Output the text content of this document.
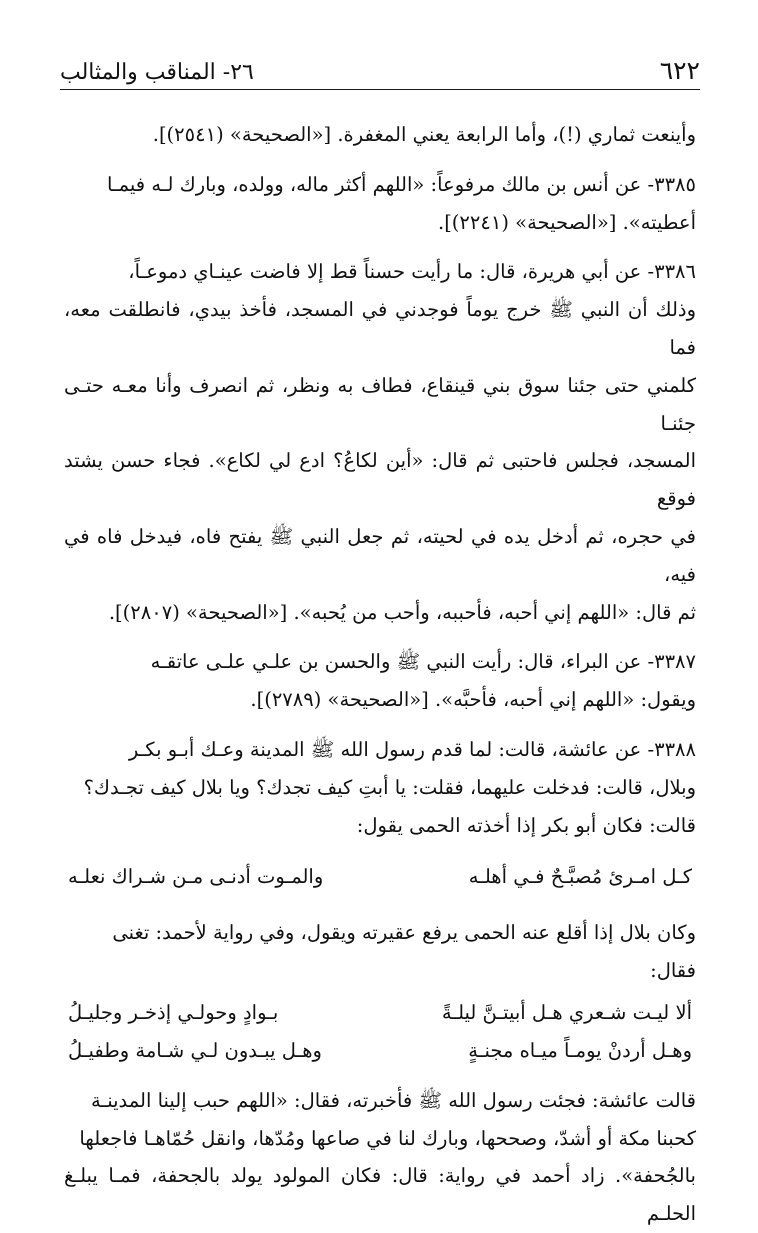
٦٢٢
٢٦- المناقب والمثالب

وأينعت ثماري (!)، وأما الرابعة يعني المغفرة. [«الصحيحة» (٢٥٤١)].

٣٣٨٥- عن أنس بن مالك مرفوعاً: «اللهم أكثر ماله، وولده، وبارك لـه فيمـا
أعطيته». [«الصحيحة» (٢٢٤١)].

٣٣٨٦- عن أبي هريرة، قال: ما رأيت حسناً قط إلا فاضت عينـاي دموعـاً،
وذلك أن النبي ﷺ خرج يوماً فوجدني في المسجد، فأخذ بيدي، فانطلقت معه، فما
كلمني حتى جئنا سوق بني قينقاع، فطاف به ونظر، ثم انصرف وأنا معـه حتـى جئنـا
المسجد، فجلس فاحتبى ثم قال: «أين لكاعُ؟ ادع لي لكاع». فجاء حسن يشتد فوقع
في حجره، ثم أدخل يده في لحيته، ثم جعل النبي ﷺ يفتح فاه، فيدخل فاه في فيه،
ثم قال: «اللهم إني أحبه، فأحببه، وأحب من يُحبه». [«الصحيحة» (٢٨٠٧)].

٣٣٨٧- عن البراء، قال: رأيت النبي ﷺ والحسن بن علـي علـى عاتقـه
ويقول: «اللهم إني أحبه، فأحبَّه». [«الصحيحة» (٢٧٨٩)].

٣٣٨٨- عن عائشة، قالت: لما قدم رسول الله ﷺ المدينة وعـك أبـو بكـر
وبلال، قالت: فدخلت عليهما، فقلت: يا أبتِ كيف تجدك؟ ويا بلال كيف تجـدك؟
قالت: فكان أبو بكر إذا أخذته الحمى يقول:

كـل امـرئ مُصبَّـحٌ فـي أهلـه
والمـوت أدنـى مـن شـراك نعلـه

وكان بلال إذا أقلع عنه الحمى يرفع عقيرته ويقول، وفي رواية لأحمد: تغنى
فقال:

ألا ليـت شـعري هـل أبيتـنَّ ليلـةً
بـوادٍ وحولـي إذخـر وجليـلُ
وهـل أردنْ يومـاً ميـاه مجنـةٍ
وهـل يبـدون لـي شـامة وطفيـلُ

قالت عائشة: فجئت رسول الله ﷺ فأخبرته، فقال: «اللهم حبب إلينا المدينـة
كحبنا مكة أو أشدّ، وصححها، وبارك لنا في صاعها ومُدّها، وانقل حُمّاهـا فاجعلها
بالجُحفة». زاد أحمد في رواية: قال: فكان المولود يولد بالجحفة، فمـا يبلـغ الحلـم
